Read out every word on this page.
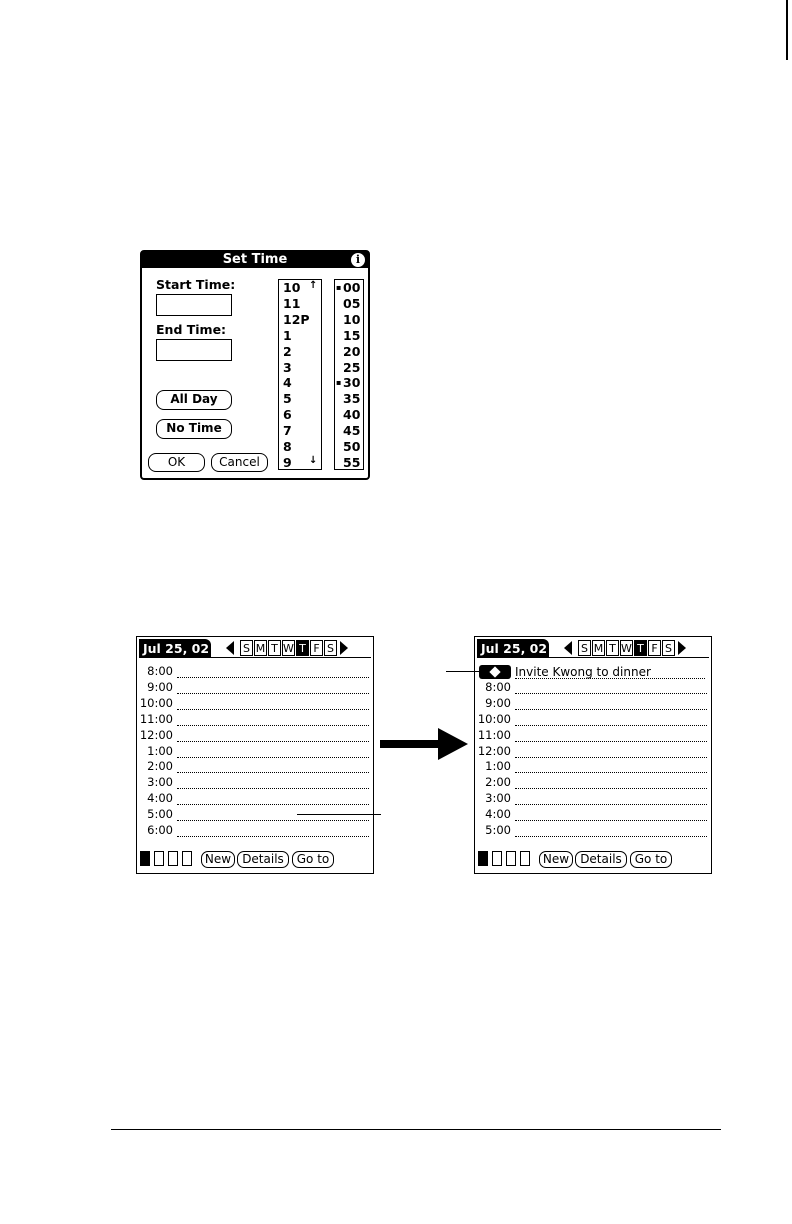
Set Time	i
Start Time:
End Time:
All Day
No Time
OK	Cancel
↑
↓
10
11
12P
1
2
3
4
5
6
7
8
9
00
05
10
15
20
25
30
35
40
45
50
55
▪
▪
Jul 25, 02	S M T W T F S
8:00
9:00
10:00
11:00
12:00
1:00
2:00
3:00
4:00
5:00
6:00
New Details	Go to
Jul 25, 02	S M T W T F S
Invite Kwong to dinner
8:00
9:00
10:00
11:00
12:00
1:00
2:00
3:00
4:00
5:00
New Details	Go to
